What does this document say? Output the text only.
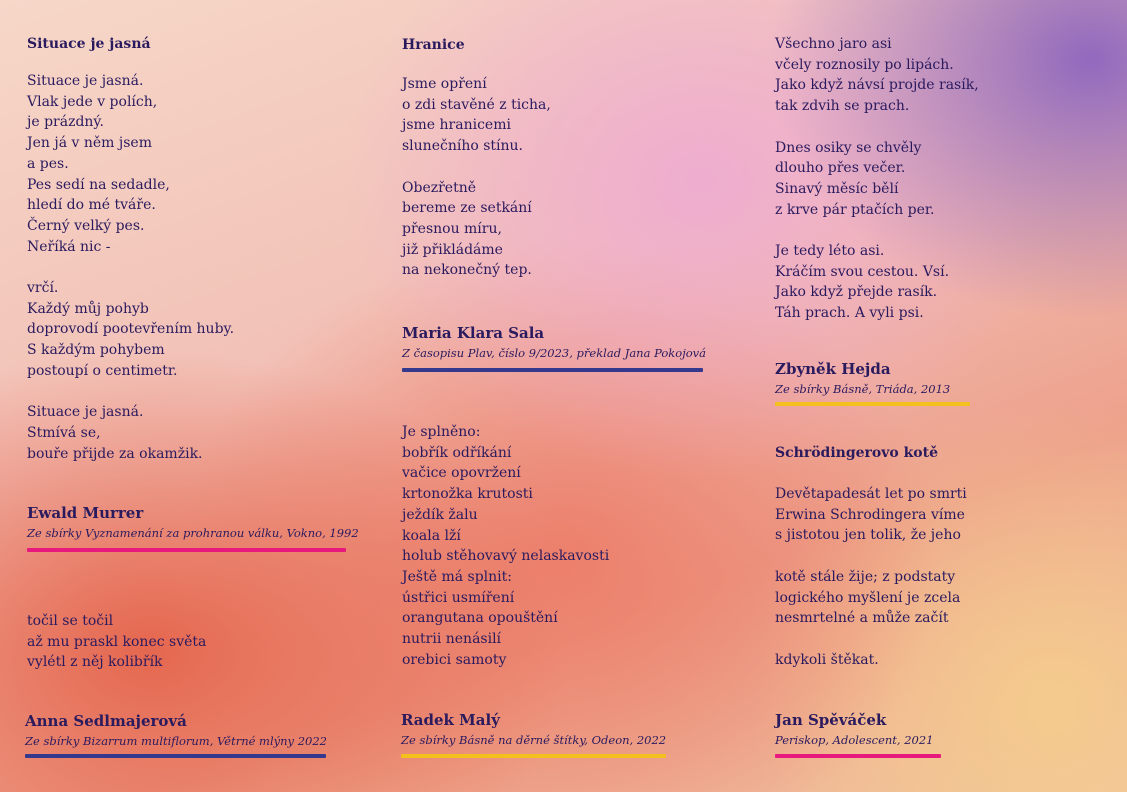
Situace je jasná
Situace je jasná.
Vlak jede v polích,
je prázdný.
Jen já v něm jsem
a pes.
Pes sedí na sedadle,
hledí do mé tváře.
Černý velký pes.
Neříká nic -

vrčí.
Každý můj pohyb
doprovodí pootevřením huby.
S každým pohybem
postoupí o centimetr.

Situace je jasná.
Stmívá se,
bouře přijde za okamžik.
Ewald Murrer
Ze sbírky Vyznamenání za prohranou válku, Vokno, 1992
točil se točil
až mu praskl konec světa
vylétl z něj kolibřík
Anna Sedlmajerová
Ze sbírky Bizarrum multiflorum, Větrné mlýny 2022
Hranice
Jsme opření
o zdi stavěné z ticha,
jsme hranicemi
slunečního stínu.

Obezřetně
bereme ze setkání
přesnou míru,
již přikládáme
na nekonečný tep.
Maria Klara Sala
Z časopisu Plav, číslo 9/2023, překlad Jana Pokojová
Je splněno:
bobřík odříkání
vačice opovržení
krtonožka krutosti
ježdík žalu
koala lží
holub stěhovavý nelaskavosti
Ještě má splnit:
ústřici usmíření
orangutana opouštění
nutrii nenásilí
orebici samoty
Radek Malý
Ze sbírky Básně na děrné štítky, Odeon, 2022
Všechno jaro asi
včely roznosily po lipách.
Jako když návsí projde rasík,
tak zdvih se prach.

Dnes osiky se chvěly
dlouho přes večer.
Sinavý měsíc bělí
z krve pár ptačích per.

Je tedy léto asi.
Kráčím svou cestou. Vsí.
Jako když přejde rasík.
Táh prach. A vyli psi.
Zbyněk Hejda
Ze sbírky Básně, Triáda, 2013
Schrödingerovo kotě
Devětapadesát let po smrti
Erwina Schrodingera víme
s jistotou jen tolik, že jeho

kotě stále žije; z podstaty
logického myšlení je zcela
nesmrtelné a může začít

kdykoli štěkat.
Jan Spěváček
Periskop, Adolescent, 2021
